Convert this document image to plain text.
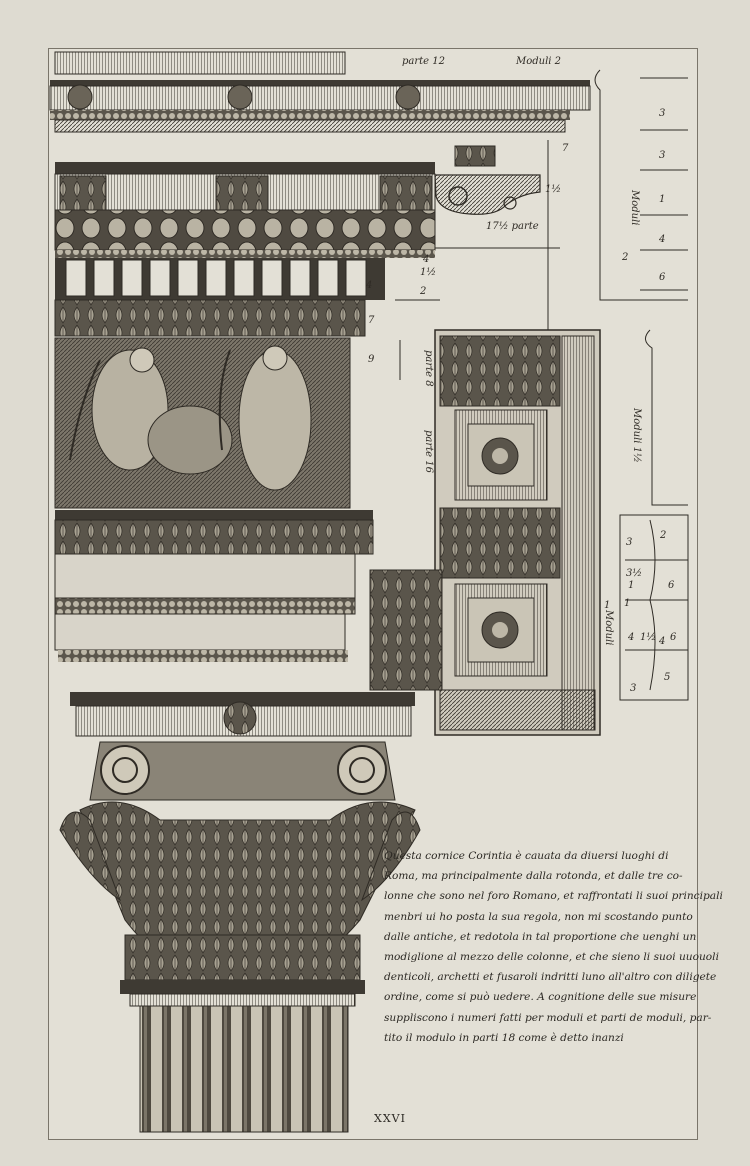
parte 12	Moduli 2
17½ parte
parte 8
parte 16
Moduli
2
Moduli 1½
Moduli
7
1½
4
1½
2
4
7
9
3
3
1
4
6
4
6
2
1
3
3½
1
1
4 1½ 6
3
5
Questa cornice Corintia è cauata da diuersi luoghi di
Roma, ma principalmente dalla rotonda, et dalle tre co-
lonne che sono nel foro Romano, et raffrontati li suoi principali
menbri ui ho posta la sua regola, non mi scostando punto
dalle antiche, et redotola in tal proportione che uenghi un
modiglione al mezzo delle colonne, et che sieno li suoi uuouoli
denticoli, archetti et fusaroli indritti luno all'altro con diligete
ordine, come si può uedere. A cognitione delle sue misure
suppliscono i numeri fatti per moduli et parti de moduli, par-
tito il modulo in parti 18 come è detto inanzi
XXVI
